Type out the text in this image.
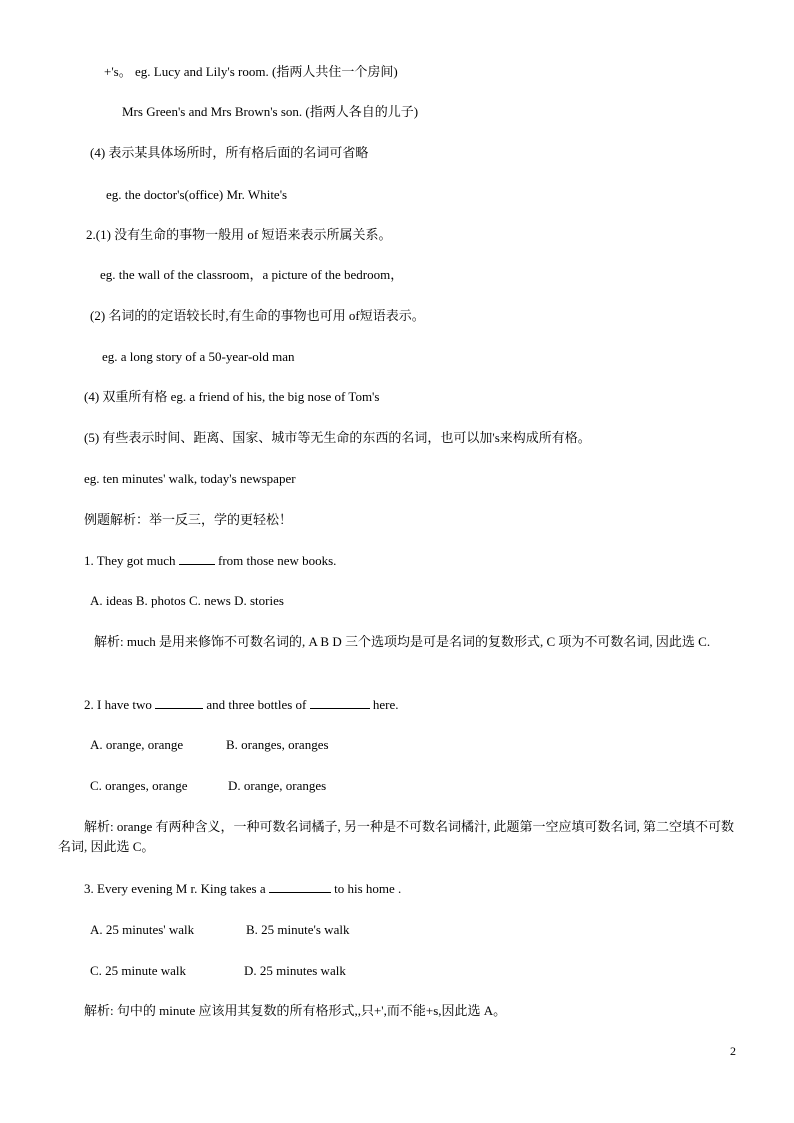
+'s。 eg. Lucy and Lily's room. (指两人共住一个房间)
Mrs Green's and Mrs Brown's son. (指两人各自的儿子)
(4) 表示某具体场所时，所有格后面的名词可省略
eg. the doctor's(office) Mr. White's
2.(1) 没有生命的事物一般用 of 短语来表示所属关系。
eg. the wall of the classroom，a picture of the bedroom，
(2) 名词的的定语较长时,有生命的事物也可用 of短语表示。
eg. a long story of a 50-year-old man
(4) 双重所有格 eg. a friend of his, the big nose of Tom's
(5) 有些表示时间、距离、国家、城市等无生命的东西的名词，也可以加's来构成所有格。
eg. ten minutes' walk, today's newspaper
例题解析：举一反三，学的更轻松！
1. They got much	from those new books.
A. ideas B. photos C. news D. stories
解析: much 是用来修饰不可数名词的, A B D 三个选项均是可是名词的复数形式, C 项为不可数名词, 因此选 C.
2. I have two	and three bottles of	here.
A. orange, orange	B. oranges, oranges
C. oranges, orange	D. orange, oranges
解析: orange 有两种含义，一种可数名词橘子, 另一种是不可数名词橘汁, 此题第一空应填可数名词, 第二空填不可数名词, 因此选 C。
3. Every evening M r. King takes a	to his home .
A. 25 minutes' walk	B. 25 minute's walk
C. 25 minute walk	D. 25 minutes walk
解析: 句中的 minute 应该用其复数的所有格形式,,只+',而不能+s,因此选 A。
2
